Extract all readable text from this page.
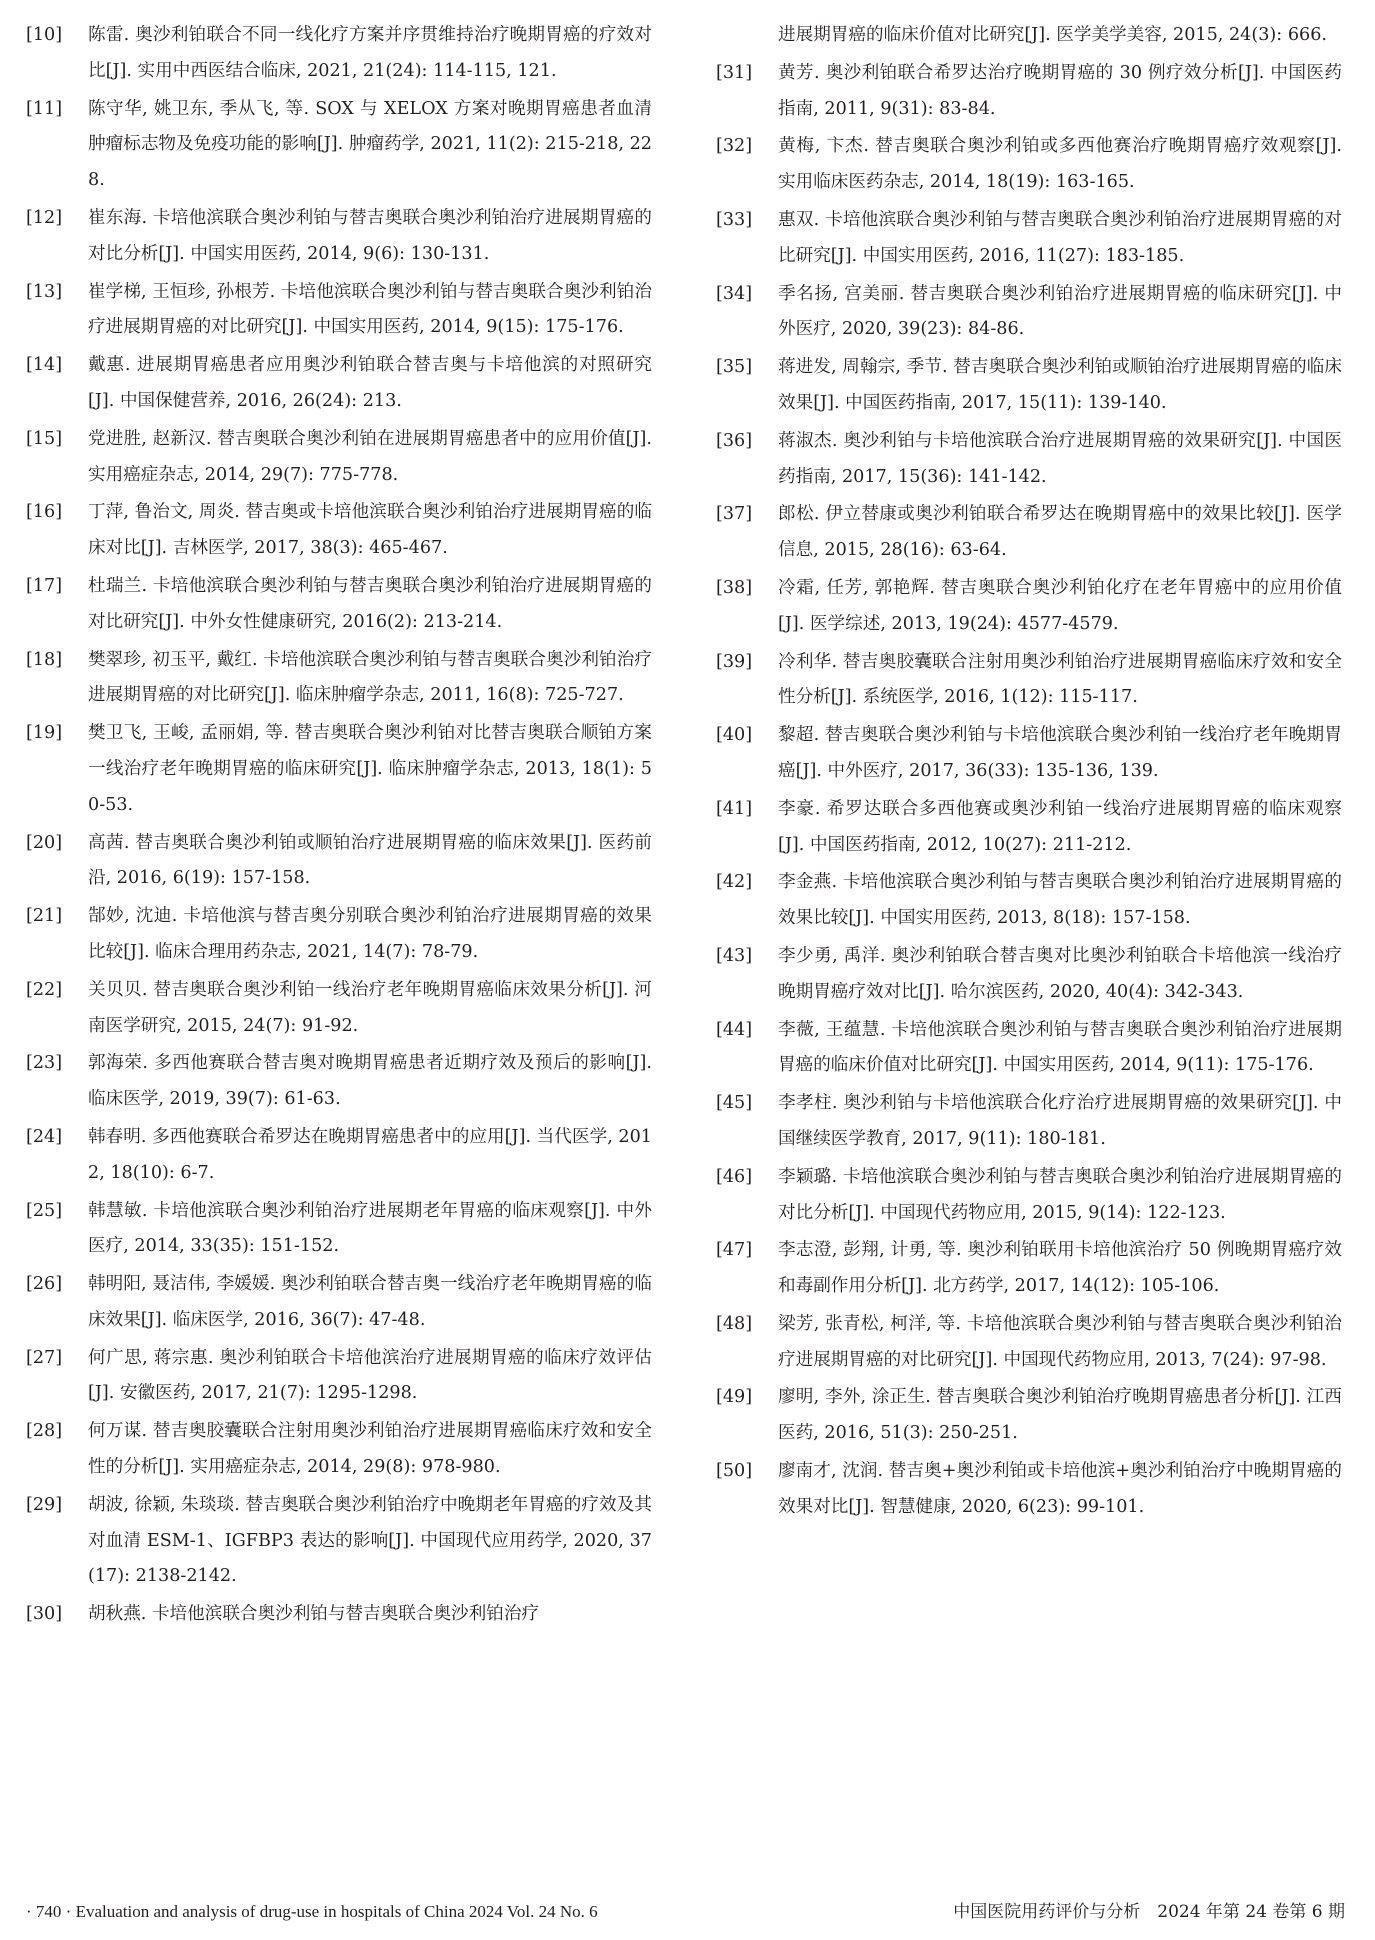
[10]	陈雷. 奥沙利铂联合不同一线化疗方案并序贯维持治疗晚期胃癌的疗效对比[J]. 实用中西医结合临床, 2021, 21(24): 114-115, 121.
[11]	陈守华, 姚卫东, 季从飞, 等. SOX 与 XELOX 方案对晚期胃癌患者血清肿瘤标志物及免疫功能的影响[J]. 肿瘤药学, 2021, 11(2): 215-218, 228.
[12]	崔东海. 卡培他滨联合奥沙利铂与替吉奥联合奥沙利铂治疗进展期胃癌的对比分析[J]. 中国实用医药, 2014, 9(6): 130-131.
[13]	崔学梯, 王恒珍, 孙根芳. 卡培他滨联合奥沙利铂与替吉奥联合奥沙利铂治疗进展期胃癌的对比研究[J]. 中国实用医药, 2014, 9(15): 175-176.
[14]	戴惠. 进展期胃癌患者应用奥沙利铂联合替吉奥与卡培他滨的对照研究[J]. 中国保健营养, 2016, 26(24): 213.
[15]	党进胜, 赵新汉. 替吉奥联合奥沙利铂在进展期胃癌患者中的应用价值[J]. 实用癌症杂志, 2014, 29(7): 775-778.
[16]	丁萍, 鲁治文, 周炎. 替吉奥或卡培他滨联合奥沙利铂治疗进展期胃癌的临床对比[J]. 吉林医学, 2017, 38(3): 465-467.
[17]	杜瑞兰. 卡培他滨联合奥沙利铂与替吉奥联合奥沙利铂治疗进展期胃癌的对比研究[J]. 中外女性健康研究, 2016(2): 213-214.
[18]	樊翠珍, 初玉平, 戴红. 卡培他滨联合奥沙利铂与替吉奥联合奥沙利铂治疗进展期胃癌的对比研究[J]. 临床肿瘤学杂志, 2011, 16(8): 725-727.
[19]	樊卫飞, 王峻, 孟丽娟, 等. 替吉奥联合奥沙利铂对比替吉奥联合顺铂方案一线治疗老年晚期胃癌的临床研究[J]. 临床肿瘤学杂志, 2013, 18(1): 50-53.
[20]	高茜. 替吉奥联合奥沙利铂或顺铂治疗进展期胃癌的临床效果[J]. 医药前沿, 2016, 6(19): 157-158.
[21]	郜妙, 沈迪. 卡培他滨与替吉奥分别联合奥沙利铂治疗进展期胃癌的效果比较[J]. 临床合理用药杂志, 2021, 14(7): 78-79.
[22]	关贝贝. 替吉奥联合奥沙利铂一线治疗老年晚期胃癌临床效果分析[J]. 河南医学研究, 2015, 24(7): 91-92.
[23]	郭海荣. 多西他赛联合替吉奥对晚期胃癌患者近期疗效及预后的影响[J]. 临床医学, 2019, 39(7): 61-63.
[24]	韩春明. 多西他赛联合希罗达在晚期胃癌患者中的应用[J]. 当代医学, 2012, 18(10): 6-7.
[25]	韩慧敏. 卡培他滨联合奥沙利铂治疗进展期老年胃癌的临床观察[J]. 中外医疗, 2014, 33(35): 151-152.
[26]	韩明阳, 聂洁伟, 李媛媛. 奥沙利铂联合替吉奥一线治疗老年晚期胃癌的临床效果[J]. 临床医学, 2016, 36(7): 47-48.
[27]	何广思, 蒋宗惠. 奥沙利铂联合卡培他滨治疗进展期胃癌的临床疗效评估[J]. 安徽医药, 2017, 21(7): 1295-1298.
[28]	何万谋. 替吉奥胶囊联合注射用奥沙利铂治疗进展期胃癌临床疗效和安全性的分析[J]. 实用癌症杂志, 2014, 29(8): 978-980.
[29]	胡波, 徐颖, 朱琰琰. 替吉奥联合奥沙利铂治疗中晚期老年胃癌的疗效及其对血清 ESM-1、IGFBP3 表达的影响[J]. 中国现代应用药学, 2020, 37(17): 2138-2142.
[30]	胡秋燕. 卡培他滨联合奥沙利铂与替吉奥联合奥沙利铂治疗
进展期胃癌的临床价值对比研究[J]. 医学美学美容, 2015, 24(3): 666.
[31]	黄芳. 奥沙利铂联合希罗达治疗晚期胃癌的 30 例疗效分析[J]. 中国医药指南, 2011, 9(31): 83-84.
[32]	黄梅, 卞杰. 替吉奥联合奥沙利铂或多西他赛治疗晚期胃癌疗效观察[J]. 实用临床医药杂志, 2014, 18(19): 163-165.
[33]	惠双. 卡培他滨联合奥沙利铂与替吉奥联合奥沙利铂治疗进展期胃癌的对比研究[J]. 中国实用医药, 2016, 11(27): 183-185.
[34]	季名扬, 宫美丽. 替吉奥联合奥沙利铂治疗进展期胃癌的临床研究[J]. 中外医疗, 2020, 39(23): 84-86.
[35]	蒋进发, 周翰宗, 季节. 替吉奥联合奥沙利铂或顺铂治疗进展期胃癌的临床效果[J]. 中国医药指南, 2017, 15(11): 139-140.
[36]	蒋淑杰. 奥沙利铂与卡培他滨联合治疗进展期胃癌的效果研究[J]. 中国医药指南, 2017, 15(36): 141-142.
[37]	郎松. 伊立替康或奥沙利铂联合希罗达在晚期胃癌中的效果比较[J]. 医学信息, 2015, 28(16): 63-64.
[38]	冷霜, 任芳, 郭艳辉. 替吉奥联合奥沙利铂化疗在老年胃癌中的应用价值[J]. 医学综述, 2013, 19(24): 4577-4579.
[39]	冷利华. 替吉奥胶囊联合注射用奥沙利铂治疗进展期胃癌临床疗效和安全性分析[J]. 系统医学, 2016, 1(12): 115-117.
[40]	黎超. 替吉奥联合奥沙利铂与卡培他滨联合奥沙利铂一线治疗老年晚期胃癌[J]. 中外医疗, 2017, 36(33): 135-136, 139.
[41]	李豪. 希罗达联合多西他赛或奥沙利铂一线治疗进展期胃癌的临床观察[J]. 中国医药指南, 2012, 10(27): 211-212.
[42]	李金燕. 卡培他滨联合奥沙利铂与替吉奥联合奥沙利铂治疗进展期胃癌的效果比较[J]. 中国实用医药, 2013, 8(18): 157-158.
[43]	李少勇, 禹洋. 奥沙利铂联合替吉奥对比奥沙利铂联合卡培他滨一线治疗晚期胃癌疗效对比[J]. 哈尔滨医药, 2020, 40(4): 342-343.
[44]	李薇, 王蕴慧. 卡培他滨联合奥沙利铂与替吉奥联合奥沙利铂治疗进展期胃癌的临床价值对比研究[J]. 中国实用医药, 2014, 9(11): 175-176.
[45]	李孝柱. 奥沙利铂与卡培他滨联合化疗治疗进展期胃癌的效果研究[J]. 中国继续医学教育, 2017, 9(11): 180-181.
[46]	李颖璐. 卡培他滨联合奥沙利铂与替吉奥联合奥沙利铂治疗进展期胃癌的对比分析[J]. 中国现代药物应用, 2015, 9(14): 122-123.
[47]	李志澄, 彭翔, 计勇, 等. 奥沙利铂联用卡培他滨治疗 50 例晚期胃癌疗效和毒副作用分析[J]. 北方药学, 2017, 14(12): 105-106.
[48]	梁芳, 张青松, 柯洋, 等. 卡培他滨联合奥沙利铂与替吉奥联合奥沙利铂治疗进展期胃癌的对比研究[J]. 中国现代药物应用, 2013, 7(24): 97-98.
[49]	廖明, 李外, 涂正生. 替吉奥联合奥沙利铂治疗晚期胃癌患者分析[J]. 江西医药, 2016, 51(3): 250-251.
[50]	廖南才, 沈润. 替吉奥+奥沙利铂或卡培他滨+奥沙利铂治疗中晚期胃癌的效果对比[J]. 智慧健康, 2020, 6(23): 99-101.
· 740 · Evaluation and analysis of drug-use in hospitals of China 2024 Vol. 24 No. 6	中国医院用药评价与分析　2024 年第 24 卷第 6 期
